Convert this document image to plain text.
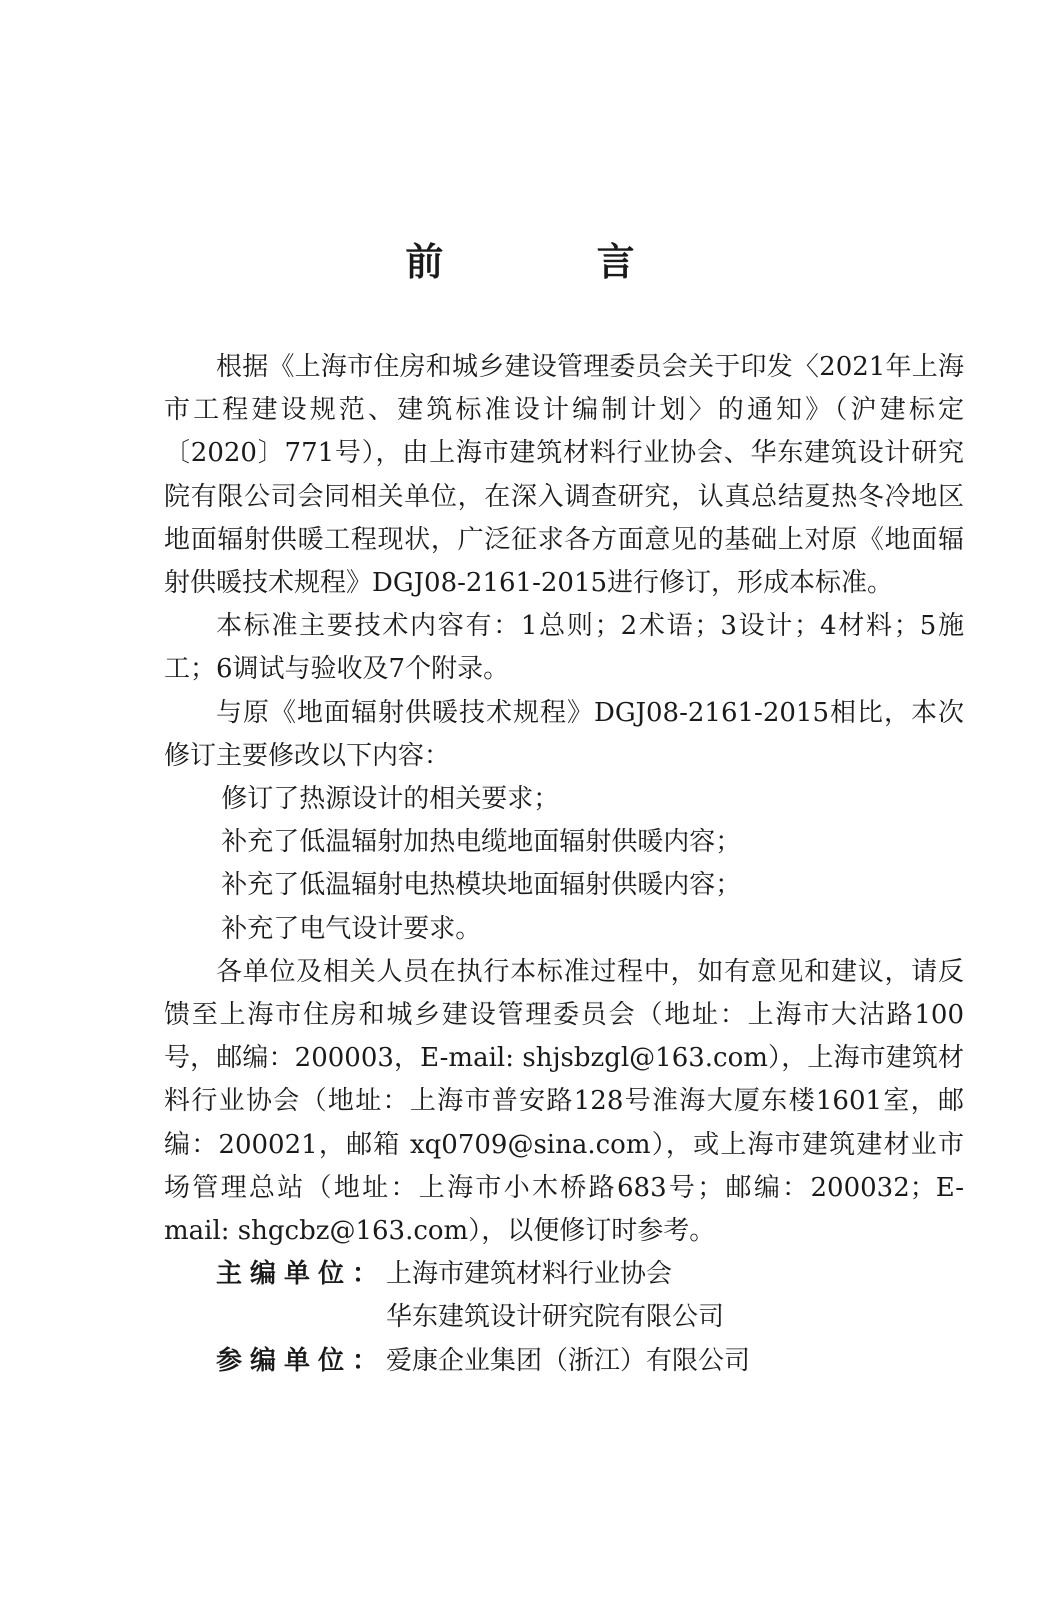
前 言

根据《上海市住房和城乡建设管理委员会关于印发〈2021年上海市工程建设规范、建筑标准设计编制计划〉的通知》（沪建标定〔2020〕771号），由上海市建筑材料行业协会、华东建筑设计研究院有限公司会同相关单位，在深入调查研究，认真总结夏热冬冷地区地面辐射供暖工程现状，广泛征求各方面意见的基础上对原《地面辐射供暖技术规程》DGJ08-2161-2015进行修订，形成本标准。

本标准主要技术内容有：1总则；2术语；3设计；4材料；5施工；6调试与验收及7个附录。

与原《地面辐射供暖技术规程》DGJ08-2161-2015相比，本次修订主要修改以下内容：

修订了热源设计的相关要求；

补充了低温辐射加热电缆地面辐射供暖内容；

补充了低温辐射电热模块地面辐射供暖内容；

补充了电气设计要求。

各单位及相关人员在执行本标准过程中，如有意见和建议，请反馈至上海市住房和城乡建设管理委员会（地址：上海市大沽路100号，邮编：200003，E-mail: shjsbzgl@163.com），上海市建筑材料行业协会（地址：上海市普安路128号淮海大厦东楼1601室，邮编：200021，邮箱 xq0709@sina.com），或上海市建筑建材业市场管理总站（地址：上海市小木桥路683号；邮编：200032；E-mail: shgcbz@163.com），以便修订时参考。

主编单位： 上海市建筑材料行业协会
华东建筑设计研究院有限公司
参编单位： 爱康企业集团（浙江）有限公司
